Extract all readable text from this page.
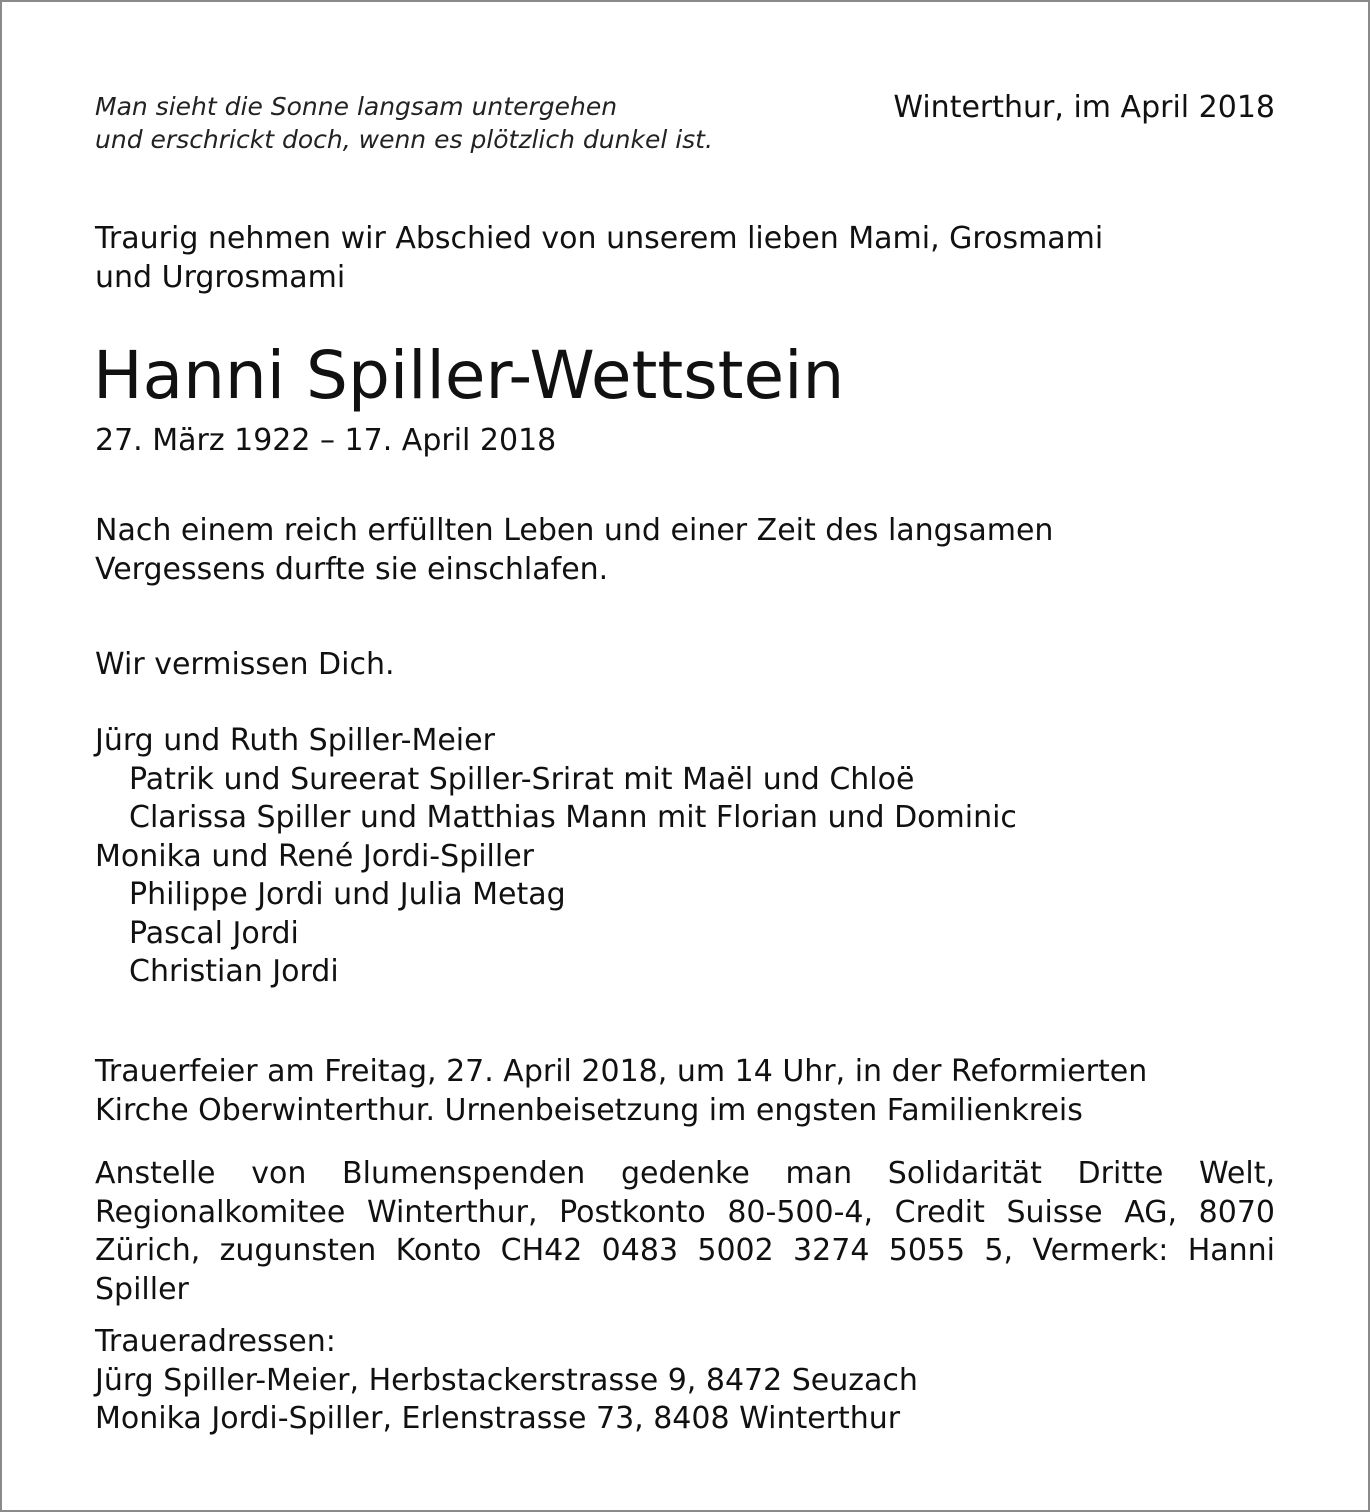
Man sieht die Sonne langsam untergehen
und erschrickt doch, wenn es plötzlich dunkel ist.
Winterthur, im April 2018
Traurig nehmen wir Abschied von unserem lieben Mami, Grosmami
und Urgrosmami
Hanni Spiller-Wettstein
27. März 1922 – 17. April 2018
Nach einem reich erfüllten Leben und einer Zeit des langsamen
Vergessens durfte sie einschlafen.
Wir vermissen Dich.
Jürg und Ruth Spiller-Meier
Patrik und Sureerat Spiller-Srirat mit Maël und Chloë
Clarissa Spiller und Matthias Mann mit Florian und Dominic
Monika und René Jordi-Spiller
Philippe Jordi und Julia Metag
Pascal Jordi
Christian Jordi
Trauerfeier am Freitag, 27. April 2018, um 14 Uhr, in der Reformierten
Kirche Oberwinterthur. Urnenbeisetzung im engsten Familienkreis

Anstelle von Blumenspenden gedenke man Solidarität Dritte Welt, Regionalkomitee Winterthur, Postkonto 80-500-4, Credit Suisse AG, 8070 Zürich, zugunsten Konto CH42 0483 5002 3274 5055 5, Vermerk: Hanni Spiller

Traueradressen:
Jürg Spiller-Meier, Herbstackerstrasse 9, 8472 Seuzach
Monika Jordi-Spiller, Erlenstrasse 73, 8408 Winterthur
